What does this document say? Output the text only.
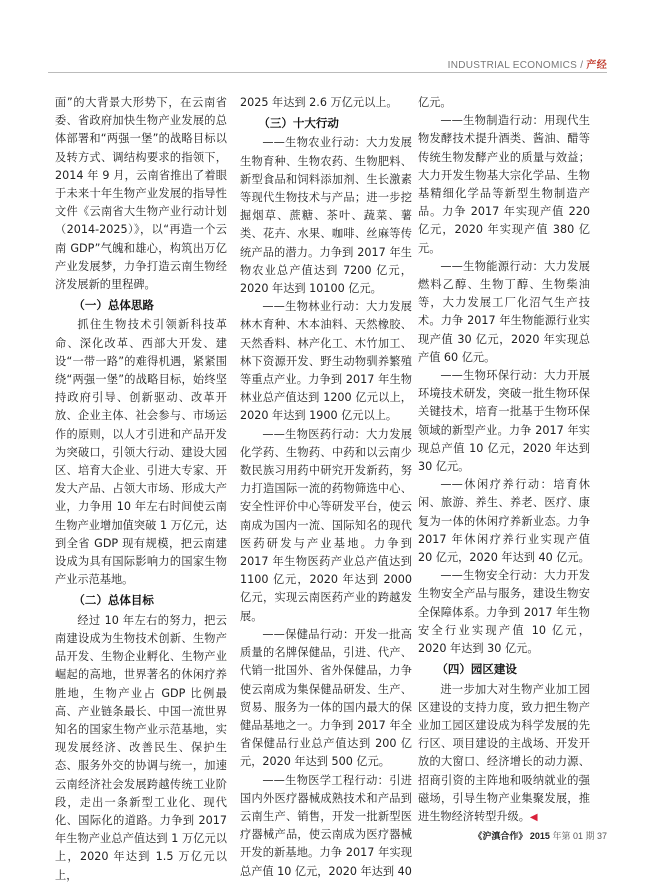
INDUSTRIAL ECONOMICS / 产经

面”的大背景大形势下，在云南省委、省政府加快生物产业发展的总体部署和“两强一堡”的战略目标以及转方式、调结构要求的指领下，2014 年 9 月，云南省推出了着眼于未来十年生物产业发展的指导性文件《云南省大生物产业行动计划（2014-2025）》，以“再造一个云南 GDP”气魄和雄心，构筑出万亿产业发展梦，力争打造云南生物经济发展新的里程碑。

（一）总体思路

抓住生物技术引领新科技革命、深化改革、西部大开发、建设“一带一路”的难得机遇，紧紧围绕“两强一堡”的战略目标，始终坚持政府引导、创新驱动、改革开放、企业主体、社会参与、市场运作的原则，以人才引进和产品开发为突破口，引领大行动、建设大园区、培育大企业、引进大专家、开发大产品、占领大市场、形成大产业，力争用 10 年左右时间使云南生物产业增加值突破 1 万亿元，达到全省 GDP 现有规模，把云南建设成为具有国际影响力的国家生物产业示范基地。

（二）总体目标

经过 10 年左右的努力，把云南建设成为生物技术创新、生物产品开发、生物企业孵化、生物产业崛起的高地，世界著名的休闲疗养胜地，生物产业占 GDP 比例最高、产业链条最长、中国一流世界知名的国家生物产业示范基地，实现发展经济、改善民生、保护生态、服务外交的协调与统一，加速云南经济社会发展跨越传统工业阶段，走出一条新型工业化、现代化、国际化的道路。力争到 2017 年生物产业总产值达到 1 万亿元以上，2020 年达到 1.5 万亿元以上，

2025 年达到 2.6 万亿元以上。

（三）十大行动

——生物农业行动：大力发展生物育种、生物农药、生物肥料、新型食品和饲料添加剂、生长激素等现代生物技术与产品；进一步挖掘烟草、蔗糖、茶叶、蔬菜、薯类、花卉、水果、咖啡、丝麻等传统产品的潜力。力争到 2017 年生物农业总产值达到 7200 亿元，2020 年达到 10100 亿元。

——生物林业行动：大力发展林木育种、木本油料、天然橡胶、天然香料、林产化工、木竹加工、林下资源开发、野生动物驯养繁殖等重点产业。力争到 2017 年生物林业总产值达到 1200 亿元以上，2020 年达到 1900 亿元以上。

——生物医药行动：大力发展化学药、生物药、中药和以云南少数民族习用药中研究开发新药，努力打造国际一流的药物筛选中心、安全性评价中心等研发平台，使云南成为国内一流、国际知名的现代医药研发与产业基地。力争到 2017 年生物医药产业总产值达到 1100 亿元，2020 年达到 2000 亿元，实现云南医药产业的跨越发展。

——保健品行动：开发一批高质量的名牌保健品，引进、代产、代销一批国外、省外保健品，力争使云南成为集保健品研发、生产、贸易、服务为一体的国内最大的保健品基地之一。力争到 2017 年全省保健品行业总产值达到 200 亿元，2020 年达到 500 亿元。

——生物医学工程行动：引进国内外医疗器械成熟技术和产品到云南生产、销售，开发一批新型医疗器械产品，使云南成为医疗器械开发的新基地。力争 2017 年实现总产值 10 亿元，2020 年达到 40

亿元。

——生物制造行动：用现代生物发酵技术提升酒类、酱油、醋等传统生物发酵产业的质量与效益；大力开发生物基大宗化学品、生物基精细化学品等新型生物制造产品。力争 2017 年实现产值 220 亿元，2020 年实现产值 380 亿元。

——生物能源行动：大力发展燃料乙醇、生物丁醇、生物柴油等，大力发展工厂化沼气生产技术。力争 2017 年生物能源行业实现产值 30 亿元，2020 年实现总产值 60 亿元。

——生物环保行动：大力开展环境技术研发，突破一批生物环保关键技术，培育一批基于生物环保领域的新型产业。力争 2017 年实现总产值 10 亿元，2020 年达到 30 亿元。

——休闲疗养行动：培育休闲、旅游、养生、养老、医疗、康复为一体的休闲疗养新业态。力争 2017 年休闲疗养行业实现产值 20 亿元，2020 年达到 40 亿元。

——生物安全行动：大力开发生物安全产品与服务，建设生物安全保障体系。力争到 2017 年生物安全行业实现产值 10 亿元，2020 年达到 30 亿元。

（四）园区建设

进一步加大对生物产业加工园区建设的支持力度，致力把生物产业加工园区建设成为科学发展的先行区、项目建设的主战场、开发开放的大窗口、经济增长的动力源、招商引资的主阵地和吸纳就业的强磁场，引导生物产业集聚发展，推进生物经济转型升级。◀

《沪滇合作》 2015 年第 01 期 37
